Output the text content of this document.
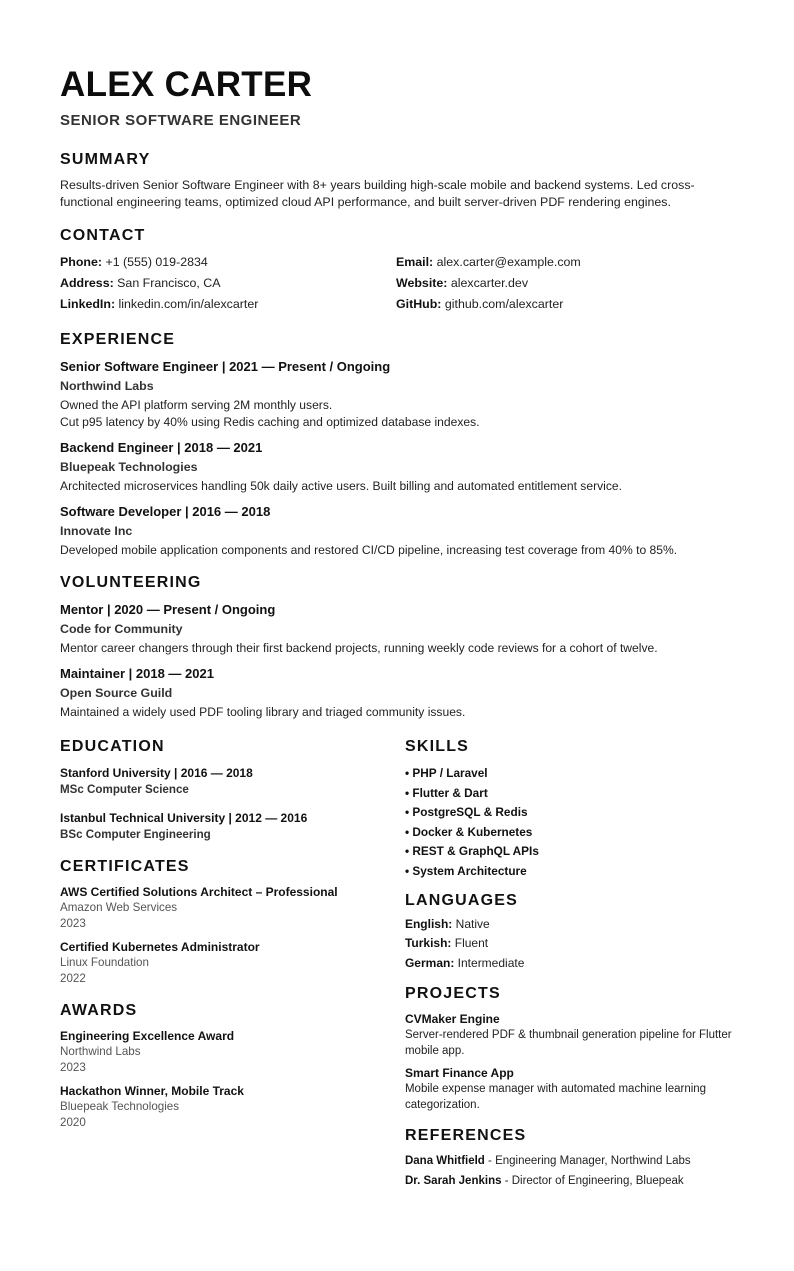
ALEX CARTER
SENIOR SOFTWARE ENGINEER
SUMMARY
Results-driven Senior Software Engineer with 8+ years building high-scale mobile and backend systems. Led cross-functional engineering teams, optimized cloud API performance, and built server-driven PDF rendering engines.
CONTACT
Phone: +1 (555) 019-2834	Email: alex.carter@example.com
Address: San Francisco, CA	Website: alexcarter.dev
LinkedIn: linkedin.com/in/alexcarter	GitHub: github.com/alexcarter
EXPERIENCE
Senior Software Engineer | 2021 — Present / Ongoing
Northwind Labs
Owned the API platform serving 2M monthly users.
Cut p95 latency by 40% using Redis caching and optimized database indexes.
Backend Engineer | 2018 — 2021
Bluepeak Technologies
Architected microservices handling 50k daily active users. Built billing and automated entitlement service.
Software Developer | 2016 — 2018
Innovate Inc
Developed mobile application components and restored CI/CD pipeline, increasing test coverage from 40% to 85%.
VOLUNTEERING
Mentor | 2020 — Present / Ongoing
Code for Community
Mentor career changers through their first backend projects, running weekly code reviews for a cohort of twelve.
Maintainer | 2018 — 2021
Open Source Guild
Maintained a widely used PDF tooling library and triaged community issues.
EDUCATION
Stanford University | 2016 — 2018
MSc Computer Science
Istanbul Technical University | 2012 — 2016
BSc Computer Engineering
CERTIFICATES
AWS Certified Solutions Architect – Professional
Amazon Web Services
2023
Certified Kubernetes Administrator
Linux Foundation
2022
AWARDS
Engineering Excellence Award
Northwind Labs
2023
Hackathon Winner, Mobile Track
Bluepeak Technologies
2020
SKILLS
• PHP / Laravel
• Flutter & Dart
• PostgreSQL & Redis
• Docker & Kubernetes
• REST & GraphQL APIs
• System Architecture
LANGUAGES
English: Native
Turkish: Fluent
German: Intermediate
PROJECTS
CVMaker Engine
Server-rendered PDF & thumbnail generation pipeline for Flutter mobile app.
Smart Finance App
Mobile expense manager with automated machine learning categorization.
REFERENCES
Dana Whitfield - Engineering Manager, Northwind Labs
Dr. Sarah Jenkins - Director of Engineering, Bluepeak
